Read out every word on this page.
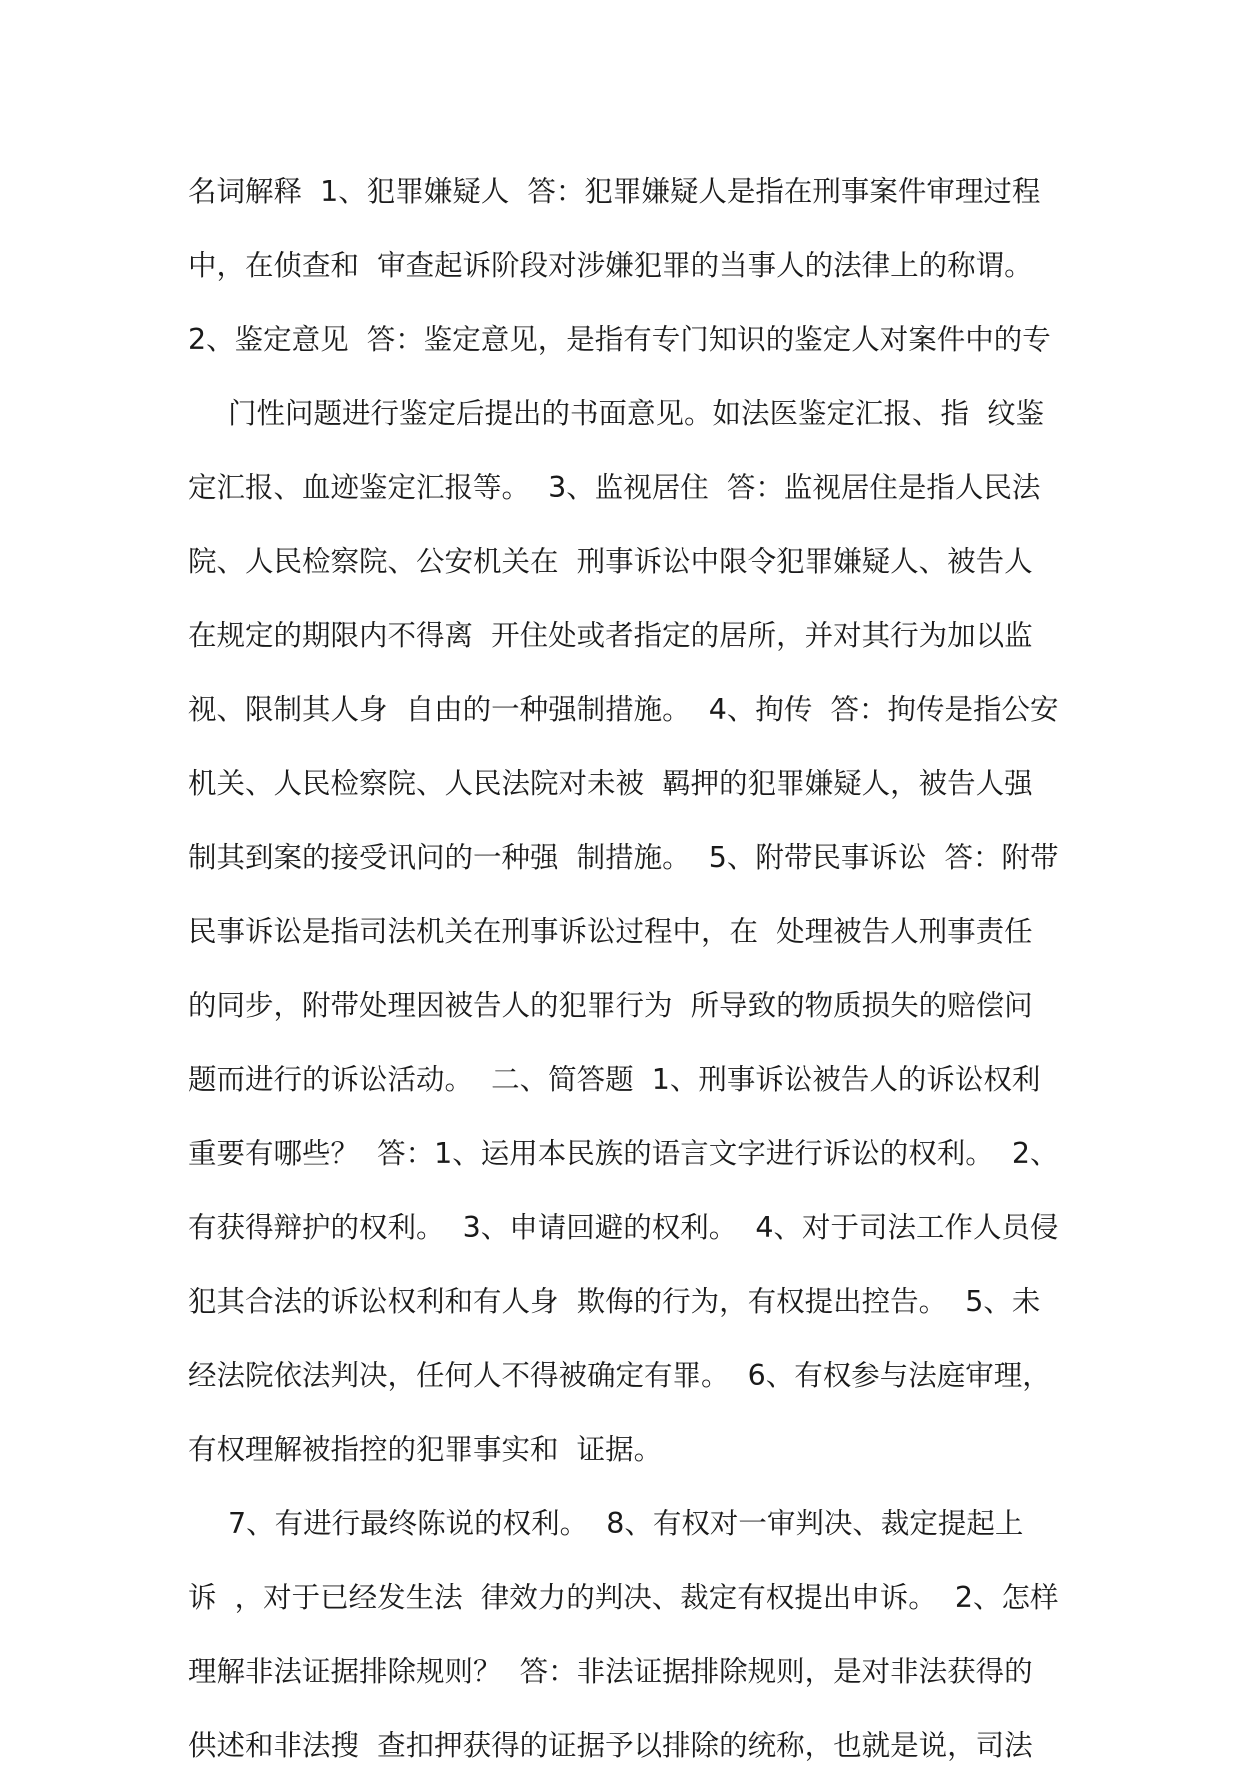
名词解释  1、犯罪嫌疑人  答：犯罪嫌疑人是指在刑事案件审理过程
中，在侦查和  审查起诉阶段对涉嫌犯罪的当事人的法律上的称谓。
2、鉴定意见  答：鉴定意见，是指有专门知识的鉴定人对案件中的专
门性问题进行鉴定后提出的书面意见。如法医鉴定汇报、指  纹鉴
定汇报、血迹鉴定汇报等。  3、监视居住  答：监视居住是指人民法
院、人民检察院、公安机关在  刑事诉讼中限令犯罪嫌疑人、被告人
在规定的期限内不得离  开住处或者指定的居所，并对其行为加以监
视、限制其人身  自由的一种强制措施。  4、拘传  答：拘传是指公安
机关、人民检察院、人民法院对未被  羁押的犯罪嫌疑人，被告人强
制其到案的接受讯问的一种强  制措施。  5、附带民事诉讼  答：附带
民事诉讼是指司法机关在刑事诉讼过程中，在  处理被告人刑事责任
的同步，附带处理因被告人的犯罪行为  所导致的物质损失的赔偿问
题而进行的诉讼活动。  二、简答题  1、刑事诉讼被告人的诉讼权利
重要有哪些？  答：1、运用本民族的语言文字进行诉讼的权利。  2、
有获得辩护的权利。  3、申请回避的权利。  4、对于司法工作人员侵
犯其合法的诉讼权利和有人身  欺侮的行为，有权提出控告。  5、未
经法院依法判决，任何人不得被确定有罪。  6、有权参与法庭审理，
有权理解被指控的犯罪事实和  证据。
7、有进行最终陈说的权利。  8、有权对一审判决、裁定提起上
诉  ，对于已经发生法  律效力的判决、裁定有权提出申诉。  2、怎样
理解非法证据排除规则？  答：非法证据排除规则，是对非法获得的
供述和非法搜  查扣押获得的证据予以排除的统称，也就是说，司法
